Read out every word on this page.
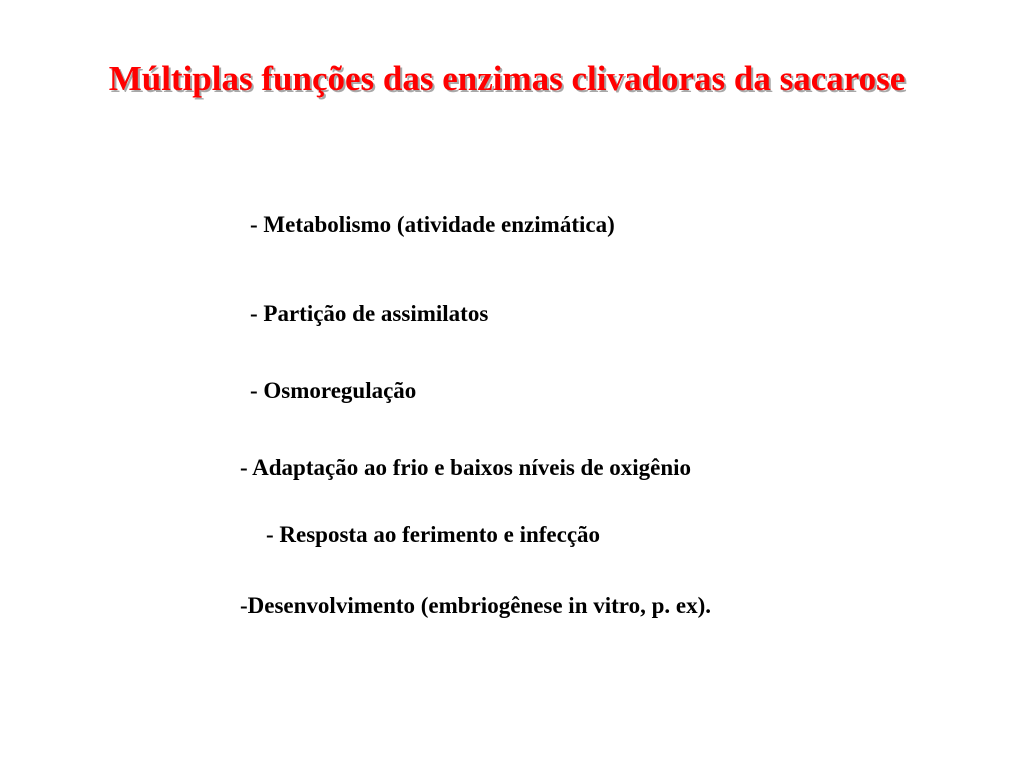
Múltiplas funções das enzimas clivadoras da sacarose
- Metabolismo (atividade enzimática)
- Partição de assimilatos
- Osmoregulação
- Adaptação ao frio e baixos níveis de oxigênio
- Resposta ao ferimento e infecção
-Desenvolvimento (embriogênese in vitro, p. ex).
